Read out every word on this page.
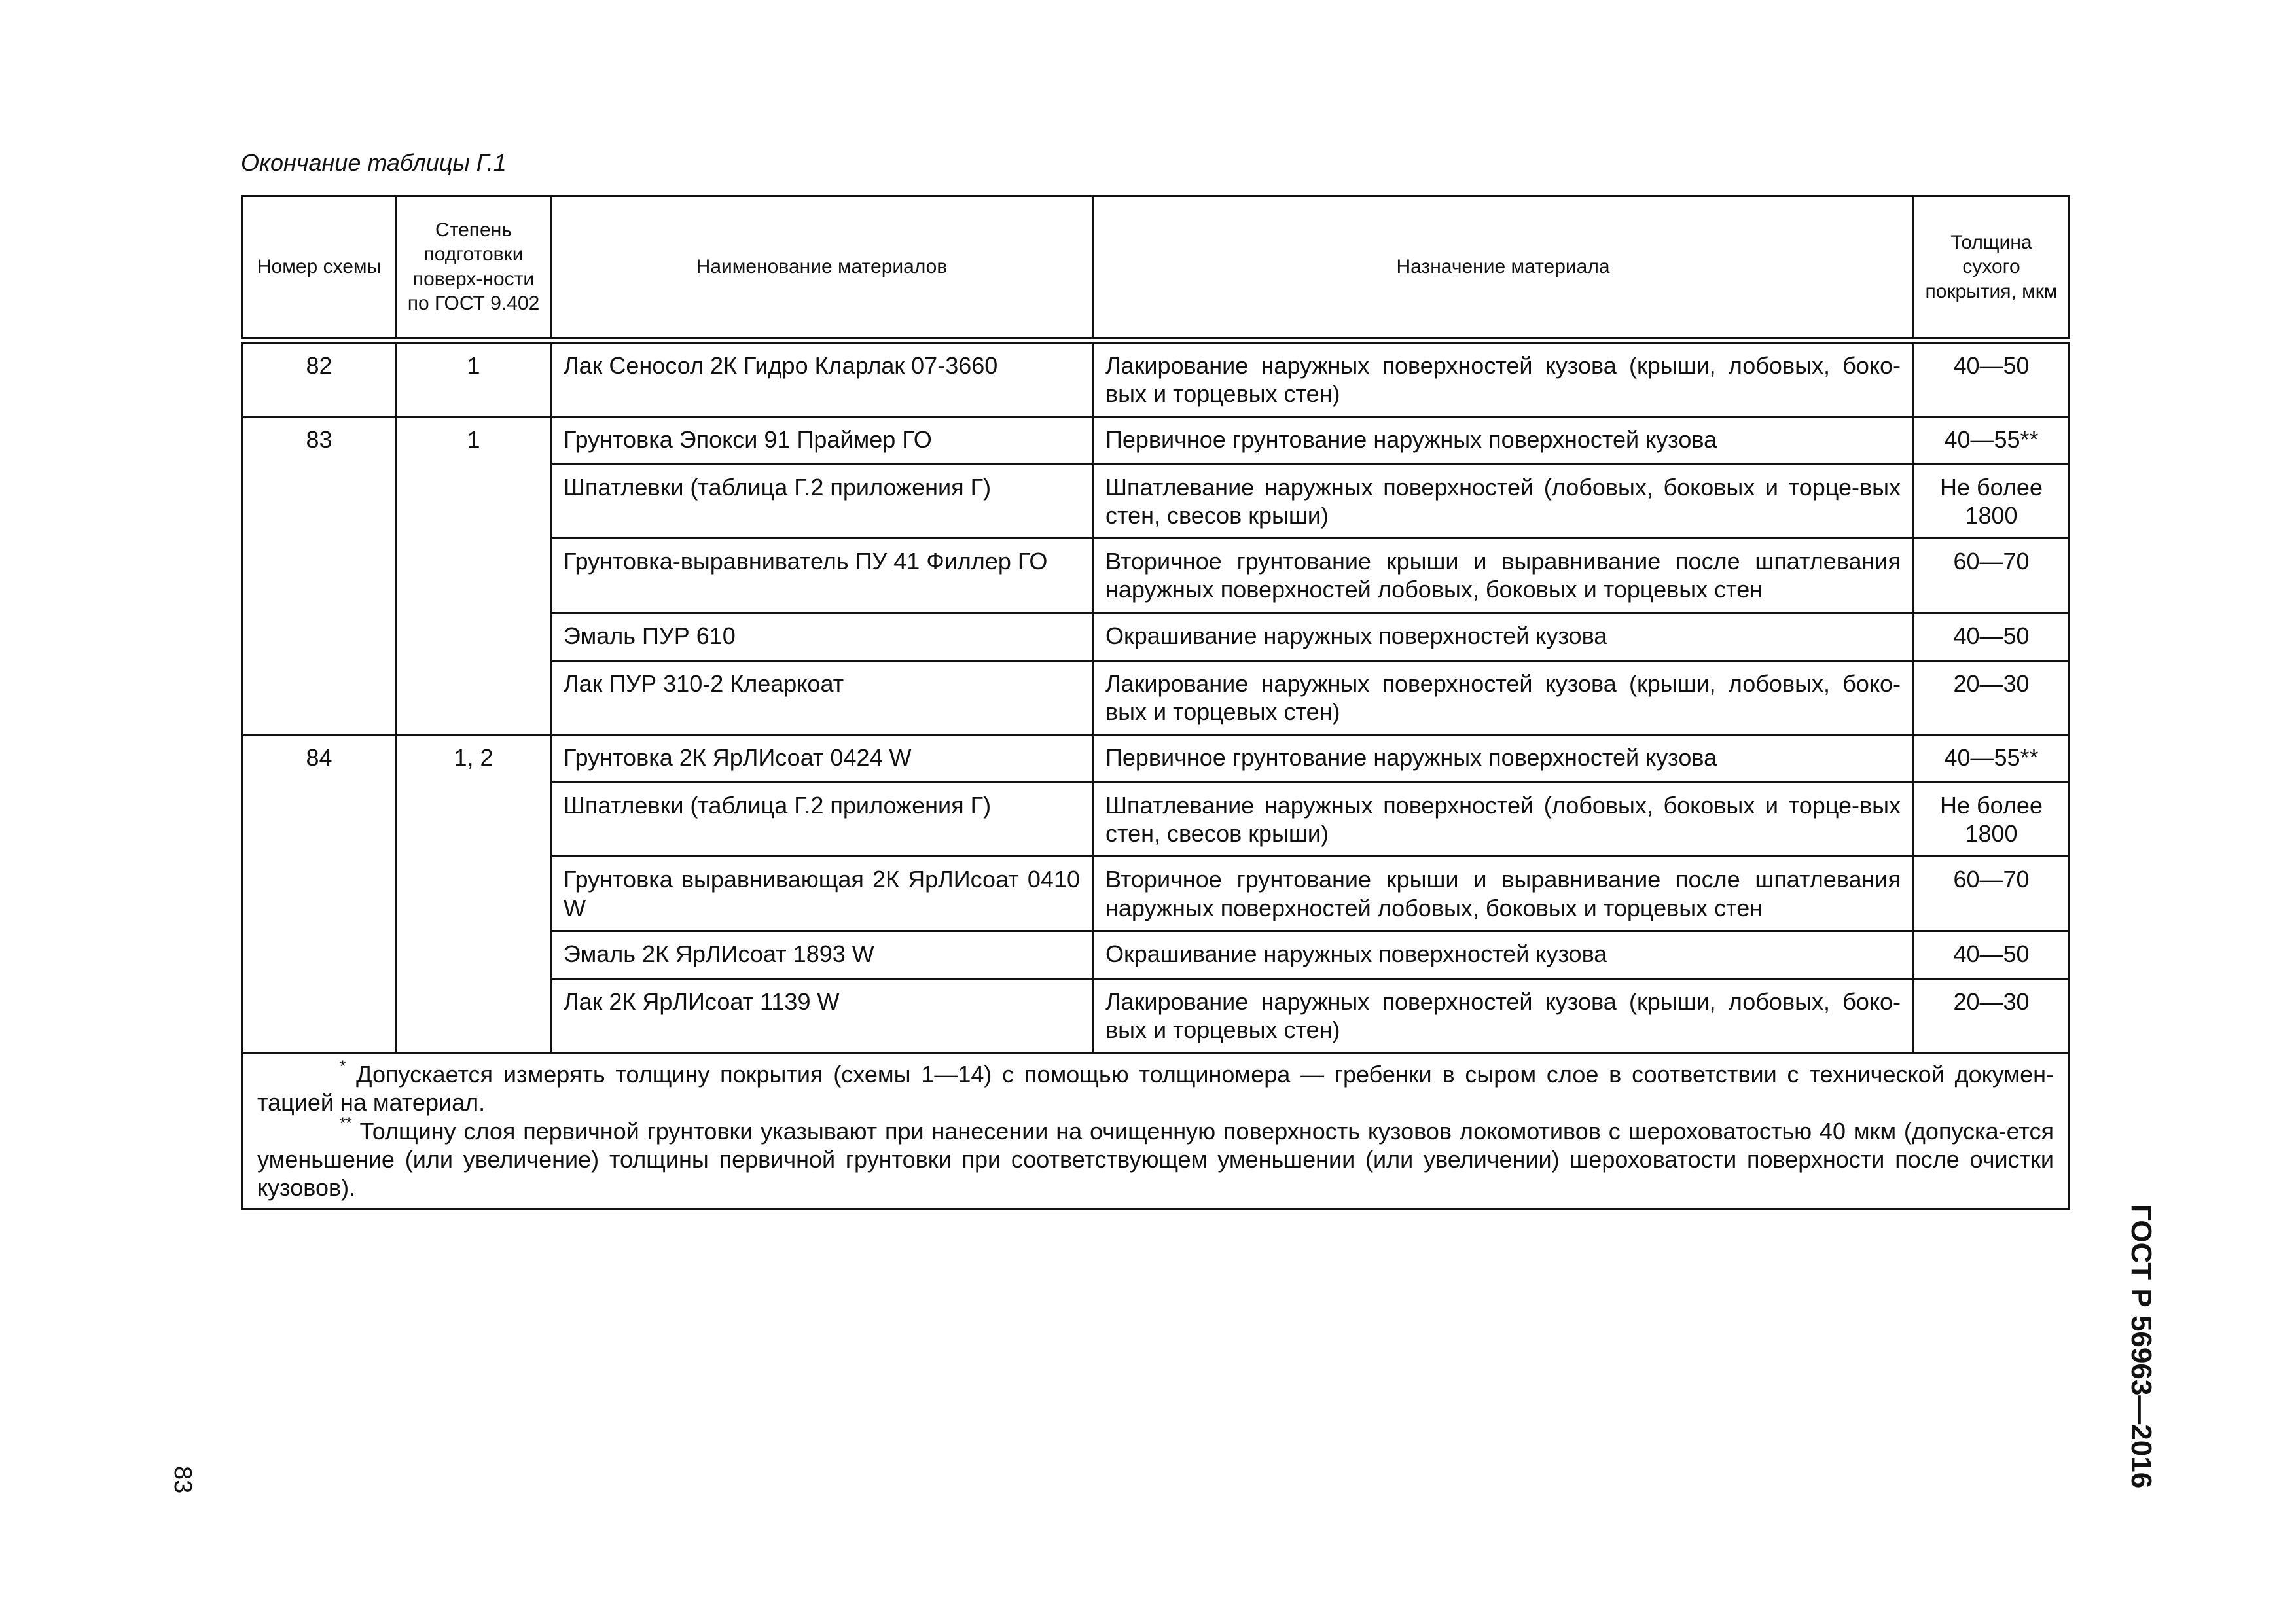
Окончание таблицы Г.1
Номер схемы	Степень подготовки поверх-ности по ГОСТ 9.402	Наименование материалов	Назначение материала	Толщина сухого покрытия, мкм
82	1	Лак Сеносол 2К Гидро Кларлак 07-3660	Лакирование наружных поверхностей кузова (крыши, лобовых, боко-вых и торцевых стен)	40—50
83	1	Грунтовка Эпокси 91 Праймер ГО	Первичное грунтование наружных поверхностей кузова	40—55**
		Шпатлевки (таблица Г.2 приложения Г)	Шпатлевание наружных поверхностей (лобовых, боковых и торце-вых стен, свесов крыши)	Не более 1800
		Грунтовка-выравниватель ПУ 41 Филлер ГО	Вторичное грунтование крыши и выравнивание после шпатлевания наружных поверхностей лобовых, боковых и торцевых стен	60—70
		Эмаль ПУР 610	Окрашивание наружных поверхностей кузова	40—50
		Лак ПУР 310-2 Клеаркоат	Лакирование наружных поверхностей кузова (крыши, лобовых, боко-вых и торцевых стен)	20—30
84	1, 2	Грунтовка 2К ЯрЛИсоат 0424 W	Первичное грунтование наружных поверхностей кузова	40—55**
		Шпатлевки (таблица Г.2 приложения Г)	Шпатлевание наружных поверхностей (лобовых, боковых и торце-вых стен, свесов крыши)	Не более 1800
		Грунтовка выравнивающая 2К ЯрЛИсоат 0410 W	Вторичное грунтование крыши и выравнивание после шпатлевания наружных поверхностей лобовых, боковых и торцевых стен	60—70
		Эмаль 2К ЯрЛИсоат 1893 W	Окрашивание наружных поверхностей кузова	40—50
		Лак 2К ЯрЛИсоат 1139 W	Лакирование наружных поверхностей кузова (крыши, лобовых, боко-вых и торцевых стен)	20—30

* Допускается измерять толщину покрытия (схемы 1—14) с помощью толщиномера — гребенки в сыром слое в соответствии с технической докумен-тацией на материал.

** Толщину слоя первичной грунтовки указывают при нанесении на очищенную поверхность кузовов локомотивов с шероховатостью 40 мкм (допуска-ется уменьшение (или увеличение) толщины первичной грунтовки при соответствующем уменьшении (или увеличении) шероховатости поверхности после очистки кузовов).				

83	ГОСТ Р 56963—2016
